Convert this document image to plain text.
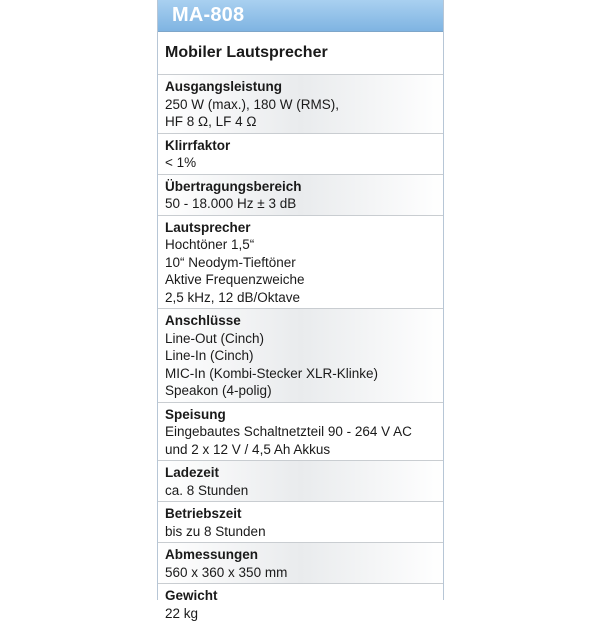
MA-808
Mobiler Lautsprecher
Ausgangsleistung
250 W (max.), 180 W (RMS),
HF 8 Ω, LF 4 Ω
Klirrfaktor
< 1%
Übertragungsbereich
50 - 18.000 Hz ± 3 dB
Lautsprecher
Hochtöner 1,5“
10“ Neodym-Tieftöner
Aktive Frequenzweiche
2,5 kHz, 12 dB/Oktave
Anschlüsse
Line-Out (Cinch)
Line-In (Cinch)
MIC-In (Kombi-Stecker XLR-Klinke)
Speakon (4-polig)
Speisung
Eingebautes Schaltnetzteil 90 - 264 V AC
und 2 x 12 V / 4,5 Ah Akkus
Ladezeit
ca. 8 Stunden
Betriebszeit
bis zu 8 Stunden
Abmessungen
560 x 360 x 350 mm
Gewicht
22 kg
